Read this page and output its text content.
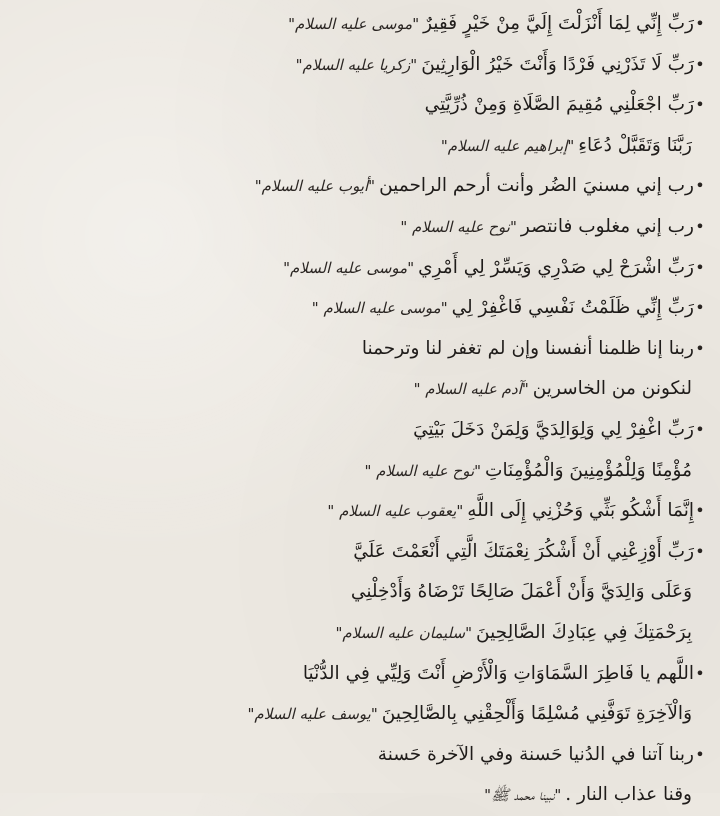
•رَبِّ إِنِّي لِمَا أَنْزَلْتَ إِلَيَّ مِنْ خَيْرٍ فَقِيرٌ"موسى عليه السلام"
•رَبِّ لَا تَذَرْنِي فَرْدًا وَأَنْتَ خَيْرُ الْوَارِثِينَ"زكريا عليه السلام"
•رَبِّ اجْعَلْنِي مُقِيمَ الصَّلَاةِ وَمِنْ ذُرِّيَّتِي
رَبَّنَا وَتَقَبَّلْ دُعَاءِ"إبراهيم عليه السلام"
•رب إني مسنيَ الضُر وأنت أرحم الراحمين"أيوب عليه السلام"
•رب إني مغلوب فانتصر"نوح عليه السلام "
•رَبِّ اشْرَحْ لِي صَدْرِي وَيَسِّرْ لِي أَمْرِي"موسى عليه السلام"
•رَبِّ إِنِّي ظَلَمْتُ نَفْسِي فَاغْفِرْ لِي"موسى عليه السلام "
•ربنا إنا ظلمنا أنفسنا وإن لم تغفر لنا وترحمنا
لنكونن من الخاسرين"آدم عليه السلام "
•رَبِّ اغْفِرْ لِي وَلِوَالِدَيَّ وَلِمَنْ دَخَلَ بَيْتِيَ
مُؤْمِنًا وَلِلْمُؤْمِنِينَ وَالْمُؤْمِنَاتِ"نوح عليه السلام "
•إِنَّمَا أَشْكُو بَثِّي وَحُزْنِي إِلَى اللَّهِ"يعقوب عليه السلام "
•رَبِّ أَوْزِعْنِي أَنْ أَشْكُرَ نِعْمَتَكَ الَّتِي أَنْعَمْتَ عَلَيَّ
وَعَلَى وَالِدَيَّ وَأَنْ أَعْمَلَ صَالِحًا تَرْضَاهُ وَأَدْخِلْنِي
بِرَحْمَتِكَ فِي عِبَادِكَ الصَّالِحِينَ"سليمان عليه السلام"
•اللَّهم يا فَاطِرَ السَّمَاوَاتِ وَالْأَرْضِ أَنْتَ وَلِيِّي فِي الدُّنْيَا
وَالْآخِرَةِ تَوَفَّنِي مُسْلِمًا وَأَلْحِقْنِي بِالصَّالِحِينَ"يوسف عليه السلام"
•ربنا آتنا في الدُنيا حَسنة وفي الآخرة حَسنة
وقنا عذاب النار ."نبينا محمد ﷺ"
